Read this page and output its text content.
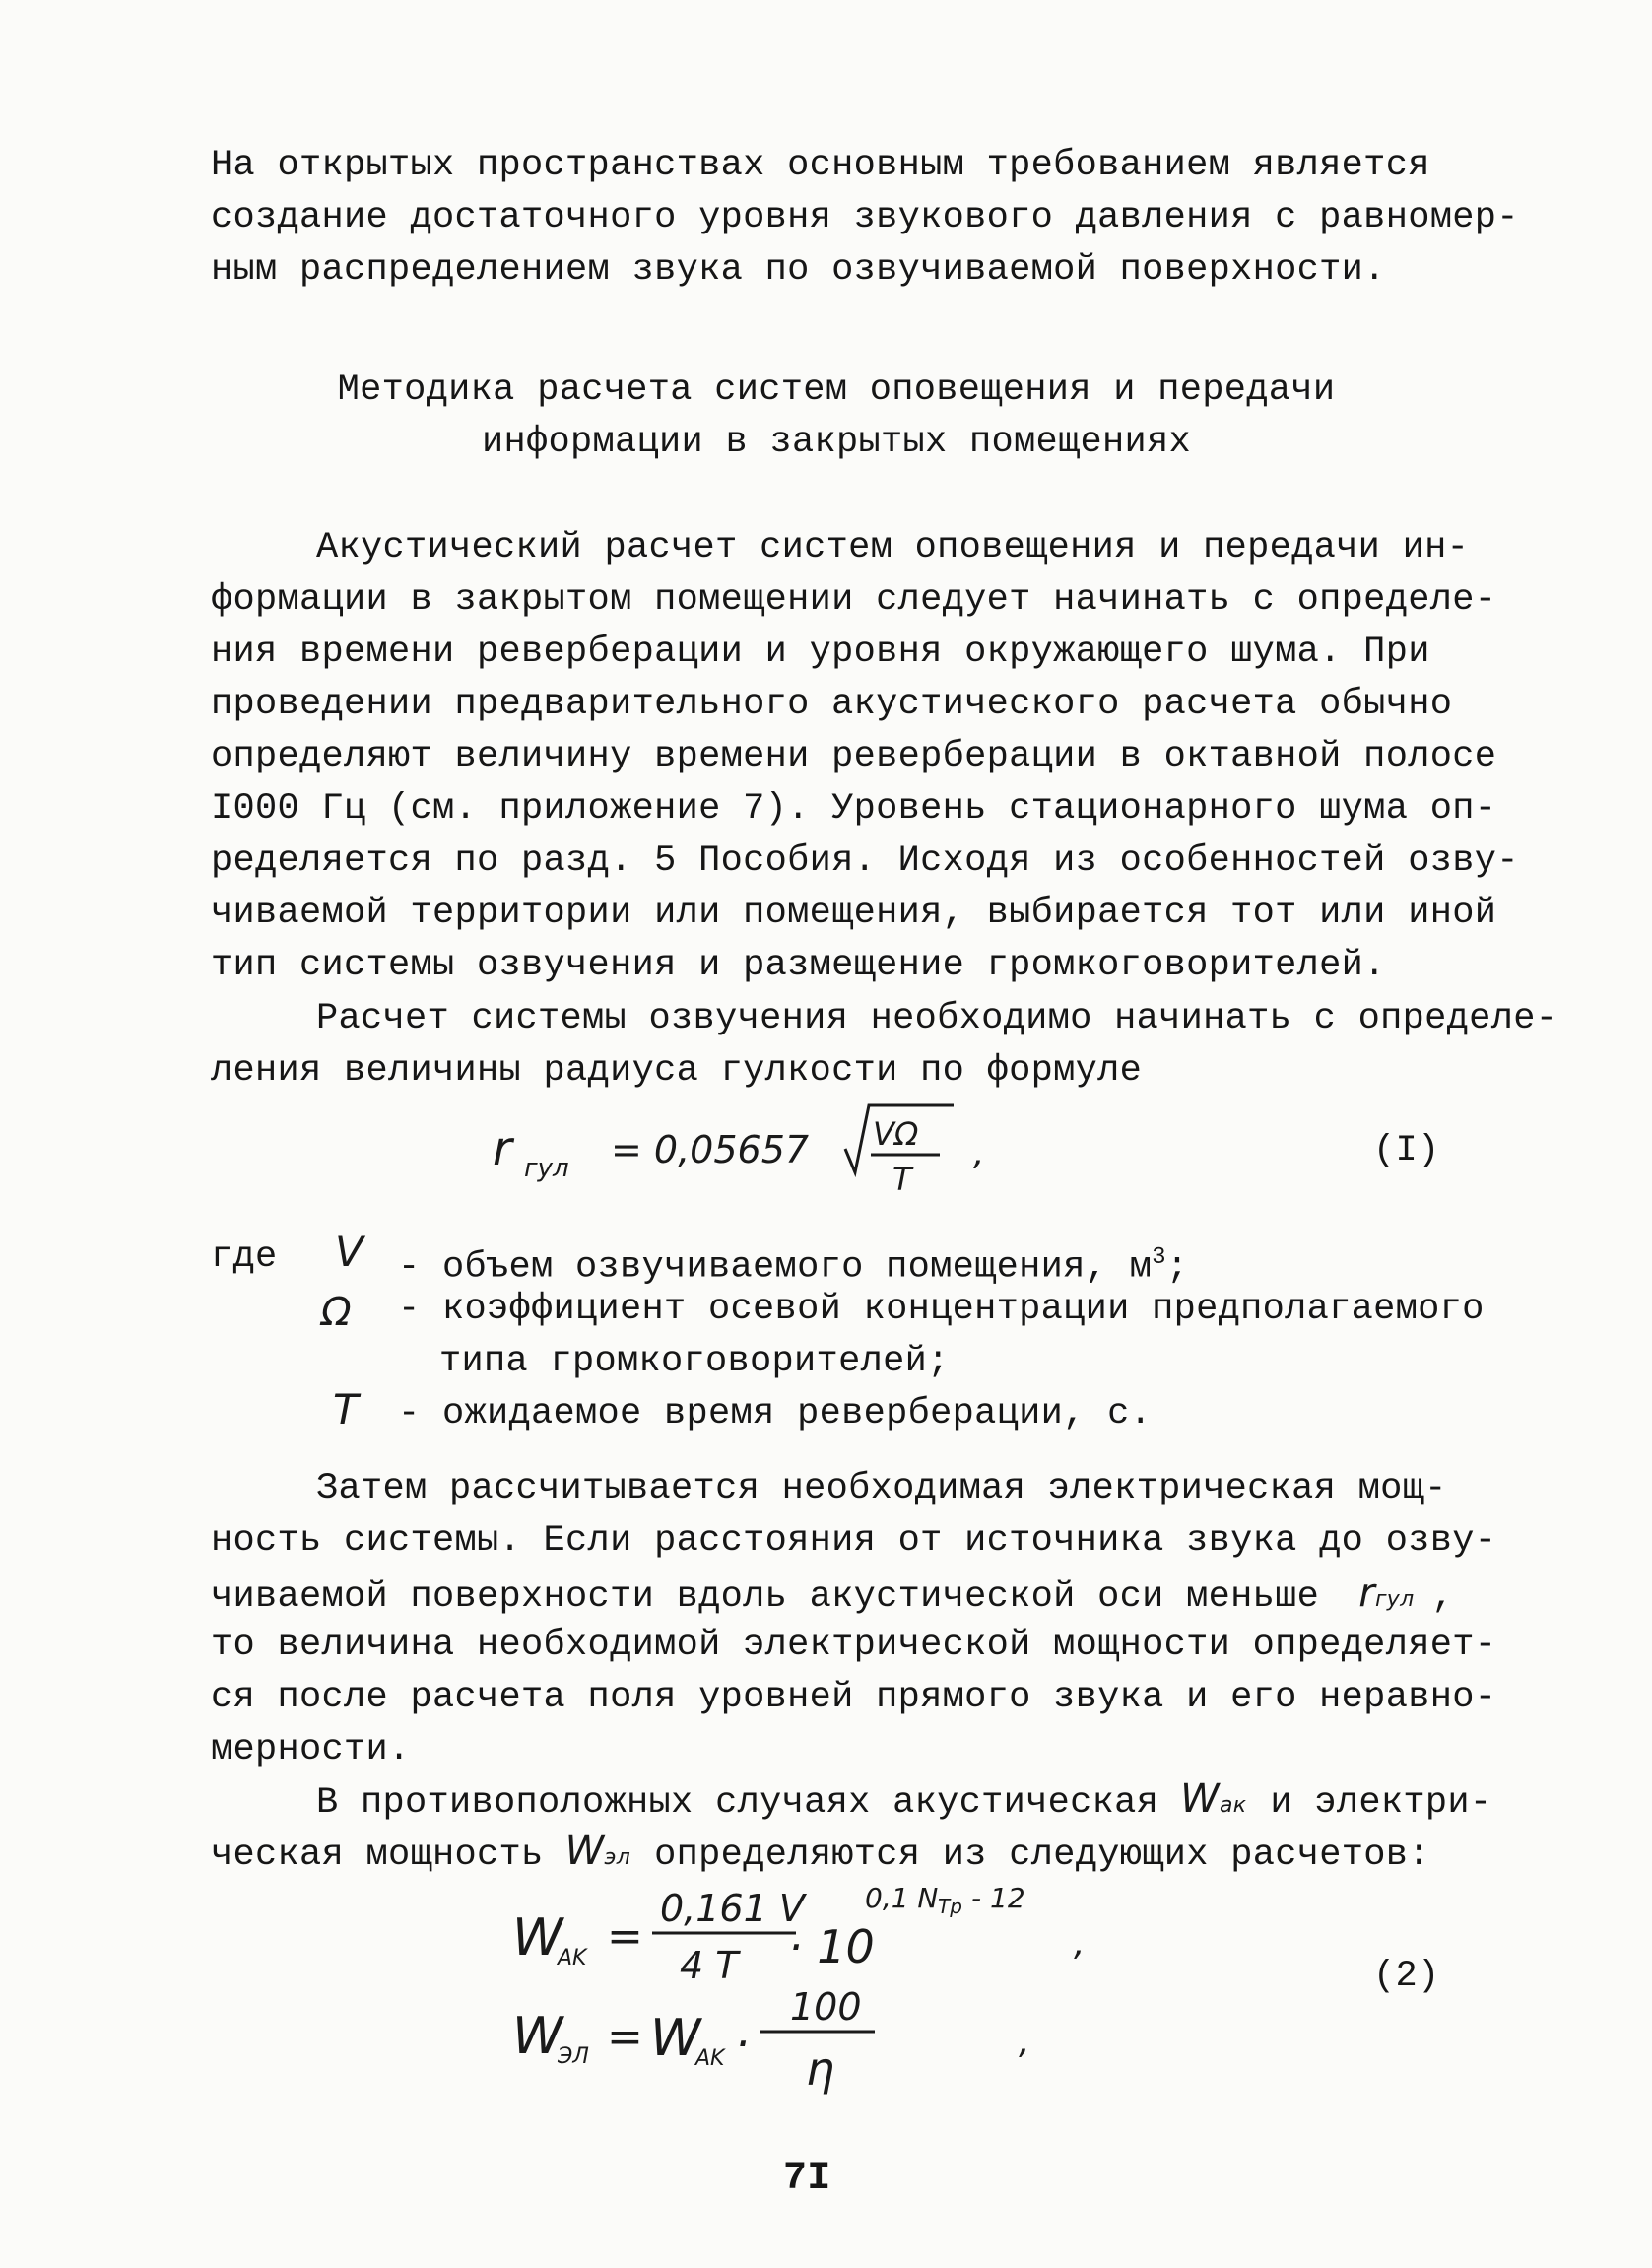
На открытых пространствах основным требованием является
создание достаточного уровня звукового давления с равномер-
ным распределением звука по озвучиваемой поверхности.
Методика расчета систем оповещения и передачи
информации в закрытых помещениях
Акустический расчет систем оповещения и передачи ин-
формации в закрытом помещении следует начинать с определе-
ния времени реверберации и уровня окружающего шума. При
проведении предварительного акустического расчета обычно
определяют величину времени реверберации в октавной полосе
I000 Гц (см. приложение 7). Уровень стационарного шума оп-
ределяется по разд. 5 Пособия. Исходя из особенностей озву-
чиваемой территории или помещения, выбирается тот или иной
тип системы озвучения и размещение громкоговорителей.
Расчет системы озвучения необходимо начинать с определе-
ления величины радиуса гулкости по формуле
r гул = 0,05657 VΩ
T
,	(I)
где V - объем озвучиваемого помещения, $м^3$;
Ω - коэффициент осевой концентрации предполагаемого
типа громкоговорителей;
T - ожидаемое время реверберации, с.
Затем рассчитывается необходимая электрическая мощ-
ность системы. Если расстояния от источника звука до озву-
чиваемой поверхности вдоль акустической оси меньше rгул ,
то величина необходимой электрической мощности определяет-
ся после расчета поля уровней прямого звука и его неравно-
мерности.
В противоположных случаях акустическая Wак и электри-
ческая мощность Wэл определяются из следующих расчетов:
W
AK =
0,161 V
4 T · 10
0,1 N Tp - 12
,
W
ЭЛ = W
AK ·
100
η
,
(2)
7I
